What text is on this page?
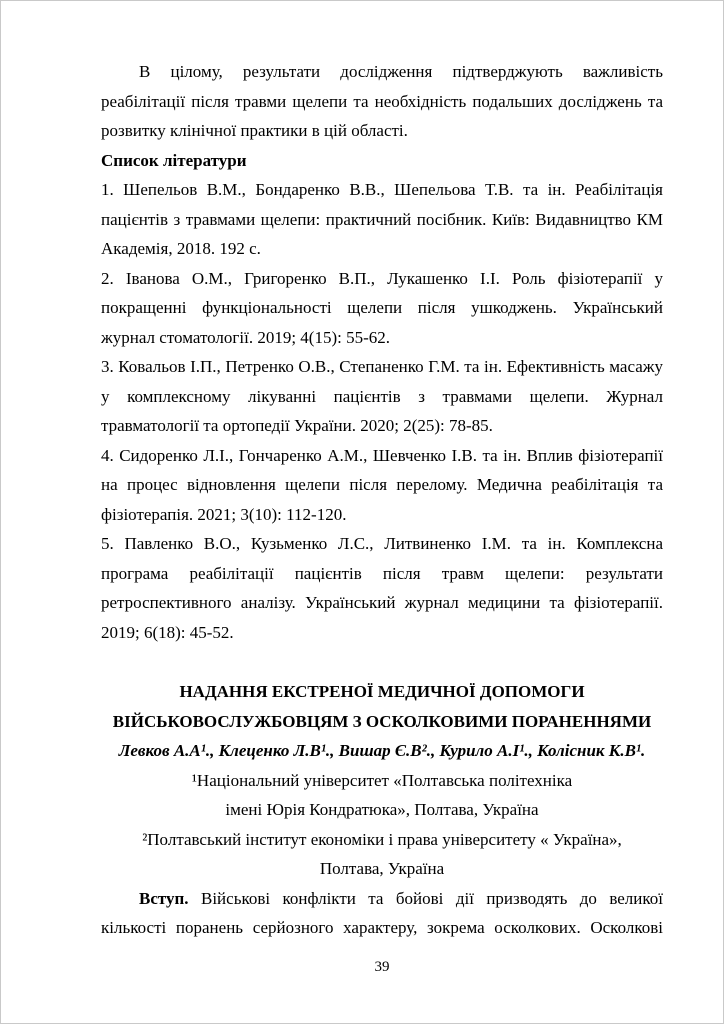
В цілому, результати дослідження підтверджують важливість реабілітації після травми щелепи та необхідність подальших досліджень та розвитку клінічної практики в цій області.

Список літератури

1. Шепельов В.М., Бондаренко В.В., Шепельова Т.В. та ін. Реабілітація пацієнтів з травмами щелепи: практичний посібник. Київ: Видавництво КМ Академія, 2018. 192 с.

2. Іванова О.М., Григоренко В.П., Лукашенко І.І. Роль фізіотерапії у покращенні функціональності щелепи після ушкоджень. Український журнал стоматології. 2019; 4(15): 55-62.

3. Ковальов І.П., Петренко О.В., Степаненко Г.М. та ін. Ефективність масажу у комплексному лікуванні пацієнтів з травмами щелепи. Журнал травматології та ортопедії України. 2020; 2(25): 78-85.

4. Сидоренко Л.І., Гончаренко А.М., Шевченко І.В. та ін. Вплив фізіотерапії на процес відновлення щелепи після перелому. Медична реабілітація та фізіотерапія. 2021; 3(10): 112-120.

5. Павленко В.О., Кузьменко Л.С., Литвиненко І.М. та ін. Комплексна програма реабілітації пацієнтів після травм щелепи: результати ретроспективного аналізу. Український журнал медицини та фізіотерапії. 2019; 6(18): 45-52.

НАДАННЯ ЕКСТРЕНОЇ МЕДИЧНОЇ ДОПОМОГИ ВІЙСЬКОВОСЛУЖБОВЦЯМ З ОСКОЛКОВИМИ ПОРАНЕННЯМИ

Левков А.А¹., Клеценко Л.В¹., Вишар Є.В²., Курило А.І¹., Колісник К.В¹.

¹Національний університет «Полтавська політехніка

імені Юрія Кондратюка», Полтава, Україна

²Полтавський інститут економіки і права університету « Україна»,

Полтава, Україна

Вступ. Військові конфлікти та бойові дії призводять до великої кількості поранень серйозного характеру, зокрема осколкових. Осколкові

39
